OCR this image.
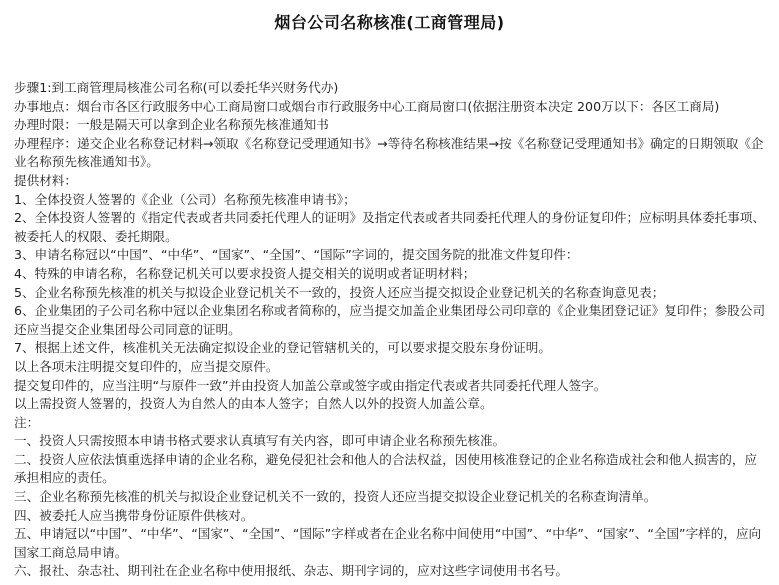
烟台公司名称核准(工商管理局)

步骤1:到工商管理局核准公司名称(可以委托华兴财务代办)

办事地点：烟台市各区行政服务中心工商局窗口或烟台市行政服务中心工商局窗口(依据注册资本决定 200万以下：各区工商局)

办理时限：一般是隔天可以拿到企业名称预先核准通知书

办理程序：递交企业名称登记材料→领取《名称登记受理通知书》→等待名称核准结果→按《名称登记受理通知书》确定的日期领取《企业名称预先核准通知书》。

提供材料：

1、全体投资人签署的《企业（公司）名称预先核准申请书》；

2、全体投资人签署的《指定代表或者共同委托代理人的证明》及指定代表或者共同委托代理人的身份证复印件；应标明具体委托事项、被委托人的权限、委托期限。

3、申请名称冠以“中国”、“中华”、“国家”、“全国”、“国际”字词的，提交国务院的批准文件复印件：

4、特殊的申请名称，名称登记机关可以要求投资人提交相关的说明或者证明材料；

5、企业名称预先核准的机关与拟设企业登记机关不一致的，投资人还应当提交拟设企业登记机关的名称查询意见表；

6、企业集团的子公司名称中冠以企业集团名称或者简称的，应当提交加盖企业集团母公司印章的《企业集团登记证》复印件；参股公司还应当提交企业集团母公司同意的证明。

7、根据上述文件，核准机关无法确定拟设企业的登记管辖机关的，可以要求提交股东身份证明。

以上各项未注明提交复印件的，应当提交原件。

提交复印件的，应当注明“与原件一致”并由投资人加盖公章或签字或由指定代表或者共同委托代理人签字。

以上需投资人签署的，投资人为自然人的由本人签字；自然人以外的投资人加盖公章。

注：

一、投资人只需按照本申请书格式要求认真填写有关内容，即可申请企业名称预先核准。

二、投资人应依法慎重选择申请的企业名称，避免侵犯社会和他人的合法权益，因使用核准登记的企业名称造成社会和他人损害的，应承担相应的责任。

三、企业名称预先核准的机关与拟设企业登记机关不一致的，投资人还应当提交拟设企业登记机关的名称查询清单。

四、被委托人应当携带身份证原件供核对。

五、申请冠以“中国”、“中华”、“国家”、“全国”、“国际”字样或者在企业名称中间使用“中国”、“中华”、“国家”、“全国”字样的，应向国家工商总局申请。

六、报社、杂志社、期刊社在企业名称中使用报纸、杂志、期刊字词的，应对这些字词使用书名号。
